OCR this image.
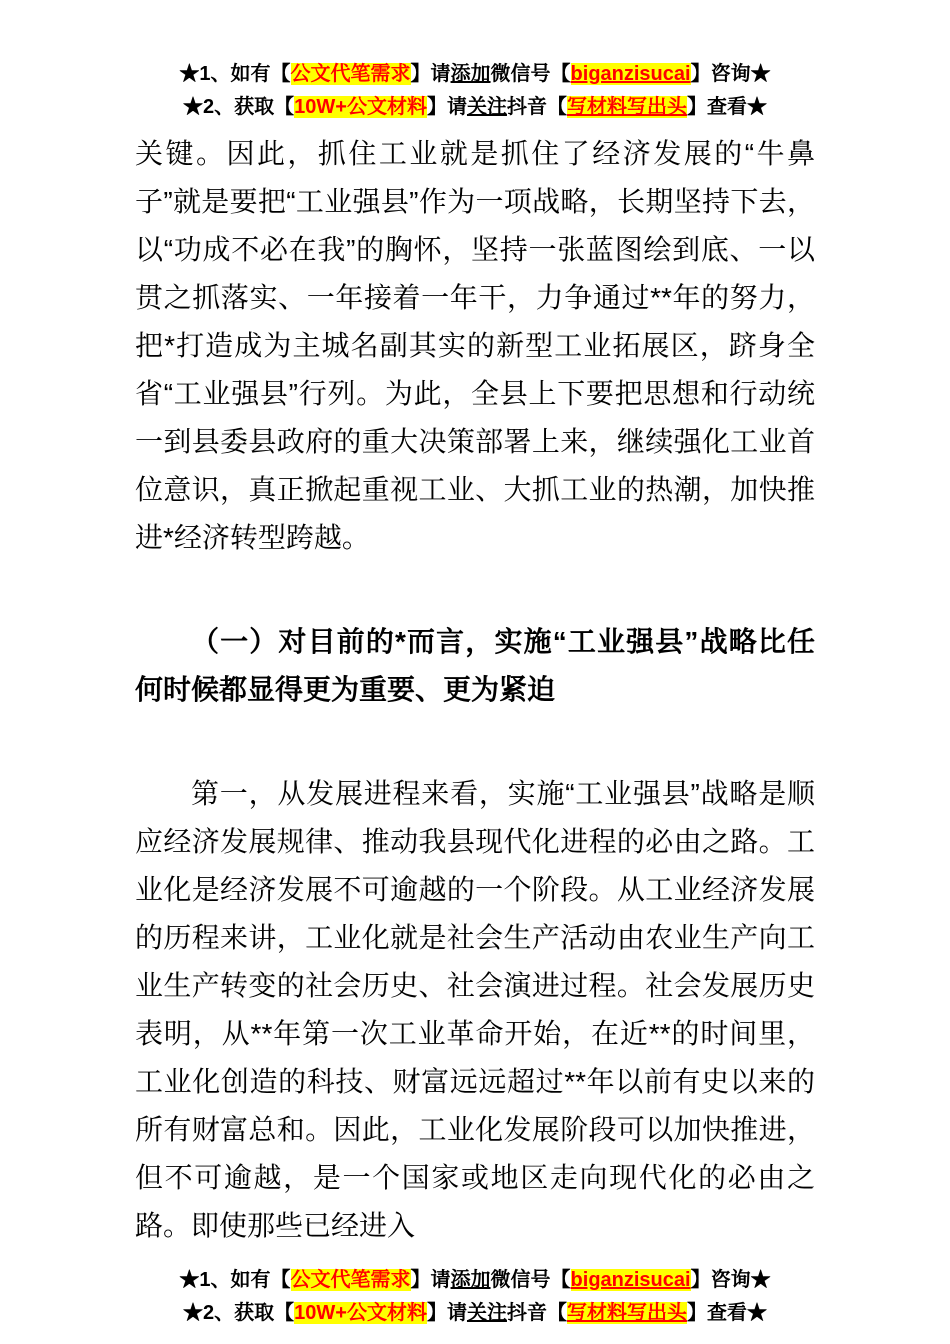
★1、如有【公文代笔需求】请添加微信号【biganzisucai】咨询★
★2、获取【10W+公文材料】请关注抖音【写材料写出头】查看★
关键。因此，抓住工业就是抓住了经济发展的“牛鼻子”就是要把“工业强县”作为一项战略，长期坚持下去，以“功成不必在我”的胸怀，坚持一张蓝图绘到底、一以贯之抓落实、一年接着一年干，力争通过**年的努力，把*打造成为主城名副其实的新型工业拓展区，跻身全省“工业强县”行列。为此，全县上下要把思想和行动统一到县委县政府的重大决策部署上来，继续强化工业首位意识，真正掀起重视工业、大抓工业的热潮，加快推进*经济转型跨越。
（一）对目前的*而言，实施“工业强县”战略比任何时候都显得更为重要、更为紧迫
第一，从发展进程来看，实施“工业强县”战略是顺应经济发展规律、推动我县现代化进程的必由之路。工业化是经济发展不可逾越的一个阶段。从工业经济发展的历程来讲，工业化就是社会生产活动由农业生产向工业生产转变的社会历史、社会演进过程。社会发展历史表明，从**年第一次工业革命开始，在近**的时间里，工业化创造的科技、财富远远超过**年以前有史以来的所有财富总和。因此，工业化发展阶段可以加快推进，但不可逾越，是一个国家或地区走向现代化的必由之路。即使那些已经进入
★1、如有【公文代笔需求】请添加微信号【biganzisucai】咨询★
★2、获取【10W+公文材料】请关注抖音【写材料写出头】查看★
